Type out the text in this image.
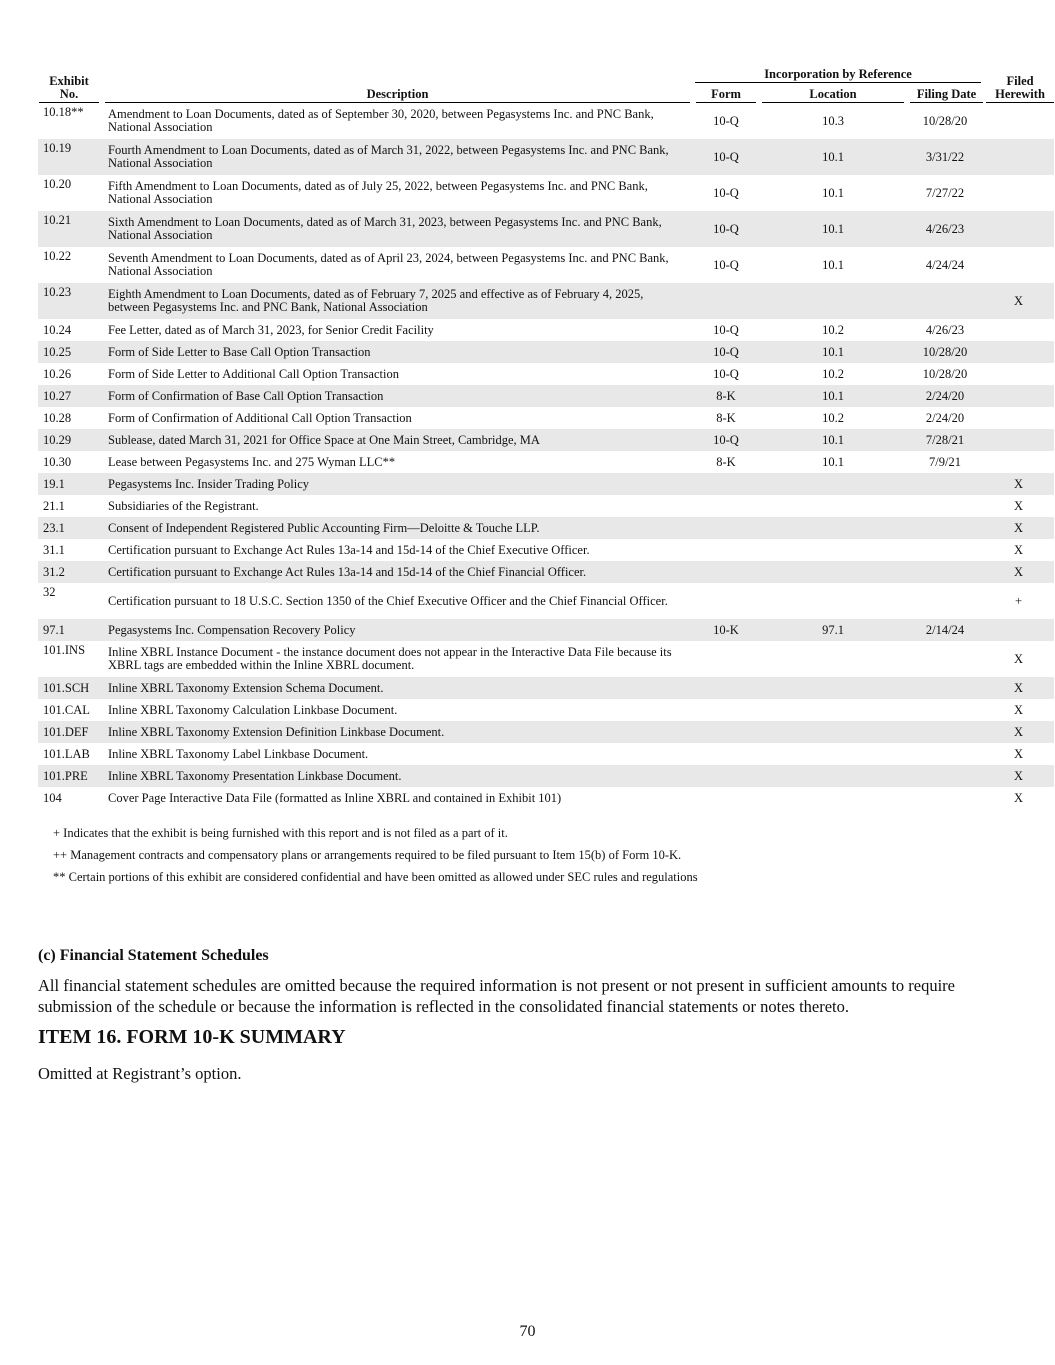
Exhibit
No.	Description	Incorporation by Reference			Filed
Herewith

		Form	Location	Filing Date	

10.18**	Amendment to Loan Documents, dated as of September 30, 2020, between Pegasystems Inc. and PNC Bank, National Association	10-Q	10.3	10/28/20	
10.19	Fourth Amendment to Loan Documents, dated as of March 31, 2022, between Pegasystems Inc. and PNC Bank, National Association	10-Q	10.1	3/31/22	
10.20	Fifth Amendment to Loan Documents, dated as of July 25, 2022, between Pegasystems Inc. and PNC Bank, National Association	10-Q	10.1	7/27/22	
10.21	Sixth Amendment to Loan Documents, dated as of March 31, 2023, between Pegasystems Inc. and PNC Bank, National Association	10-Q	10.1	4/26/23	
10.22	Seventh Amendment to Loan Documents, dated as of April 23, 2024, between Pegasystems Inc. and PNC Bank, National Association	10-Q	10.1	4/24/24	
10.23	Eighth Amendment to Loan Documents, dated as of February 7, 2025 and effective as of February 4, 2025, between Pegasystems Inc. and PNC Bank, National Association				X
10.24	Fee Letter, dated as of March 31, 2023, for Senior Credit Facility	10-Q	10.2	4/26/23	
10.25	Form of Side Letter to Base Call Option Transaction	10-Q	10.1	10/28/20	
10.26	Form of Side Letter to Additional Call Option Transaction	10-Q	10.2	10/28/20	
10.27	Form of Confirmation of Base Call Option Transaction	8-K	10.1	2/24/20	
10.28	Form of Confirmation of Additional Call Option Transaction	8-K	10.2	2/24/20	
10.29	Sublease, dated March 31, 2021 for Office Space at One Main Street, Cambridge, MA	10-Q	10.1	7/28/21	
10.30	Lease between Pegasystems Inc. and 275 Wyman LLC**	8-K	10.1	7/9/21	
19.1	Pegasystems Inc. Insider Trading Policy				X
21.1	Subsidiaries of the Registrant.				X
23.1	Consent of Independent Registered Public Accounting Firm—Deloitte & Touche LLP.				X
31.1	Certification pursuant to Exchange Act Rules 13a-14 and 15d-14 of the Chief Executive Officer.				X
31.2	Certification pursuant to Exchange Act Rules 13a-14 and 15d-14 of the Chief Financial Officer.				X
32	Certification pursuant to 18 U.S.C. Section 1350 of the Chief Executive Officer and the Chief Financial Officer.				+
97.1	Pegasystems Inc. Compensation Recovery Policy	10-K	97.1	2/14/24	
101.INS	Inline XBRL Instance Document - the instance document does not appear in the Interactive Data File because its XBRL tags are embedded within the Inline XBRL document.				X
101.SCH	Inline XBRL Taxonomy Extension Schema Document.				X
101.CAL	Inline XBRL Taxonomy Calculation Linkbase Document.				X
101.DEF	Inline XBRL Taxonomy Extension Definition Linkbase Document.				X
101.LAB	Inline XBRL Taxonomy Label Linkbase Document.				X
101.PRE	Inline XBRL Taxonomy Presentation Linkbase Document.				X
104	Cover Page Interactive Data File (formatted as Inline XBRL and contained in Exhibit 101)				X

+ Indicates that the exhibit is being furnished with this report and is not filed as a part of it.

++ Management contracts and compensatory plans or arrangements required to be filed pursuant to Item 15(b) of Form 10-K.

** Certain portions of this exhibit are considered confidential and have been omitted as allowed under SEC rules and regulations

(c) Financial Statement Schedules

All financial statement schedules are omitted because the required information is not present or not present in sufficient amounts to require submission of the schedule or because the information is reflected in the consolidated financial statements or notes thereto.

ITEM 16. FORM 10-K SUMMARY

Omitted at Registrant’s option.

70
